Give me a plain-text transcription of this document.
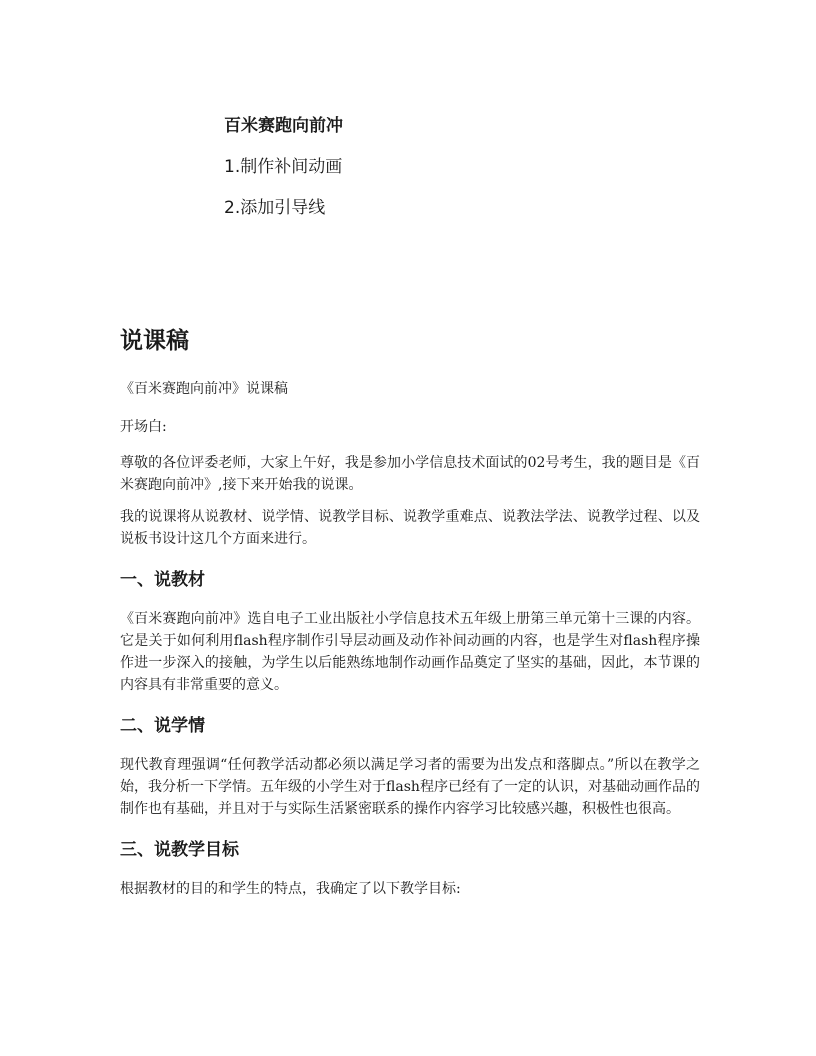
百米赛跑向前冲

1.制作补间动画

2.添加引导线

说课稿

《百米赛跑向前冲》说课稿

开场白:

尊敬的各位评委老师，大家上午好，我是参加小学信息技术面试的02号考生，我的题目是《百米赛跑向前冲》,接下来开始我的说课。

我的说课将从说教材、说学情、说教学目标、说教学重难点、说教法学法、说教学过程、以及说板书设计这几个方面来进行。

一、说教材

《百米赛跑向前冲》选自电子工业出版社小学信息技术五年级上册第三单元第十三课的内容。它是关于如何利用flash程序制作引导层动画及动作补间动画的内容，也是学生对flash程序操作进一步深入的接触，为学生以后能熟练地制作动画作品奠定了坚实的基础，因此，本节课的内容具有非常重要的意义。

二、说学情

现代教育理强调“任何教学活动都必须以满足学习者的需要为出发点和落脚点。”所以在教学之始，我分析一下学情。五年级的小学生对于flash程序已经有了一定的认识，对基础动画作品的制作也有基础，并且对于与实际生活紧密联系的操作内容学习比较感兴趣，积极性也很高。

三、说教学目标

根据教材的目的和学生的特点，我确定了以下教学目标:
